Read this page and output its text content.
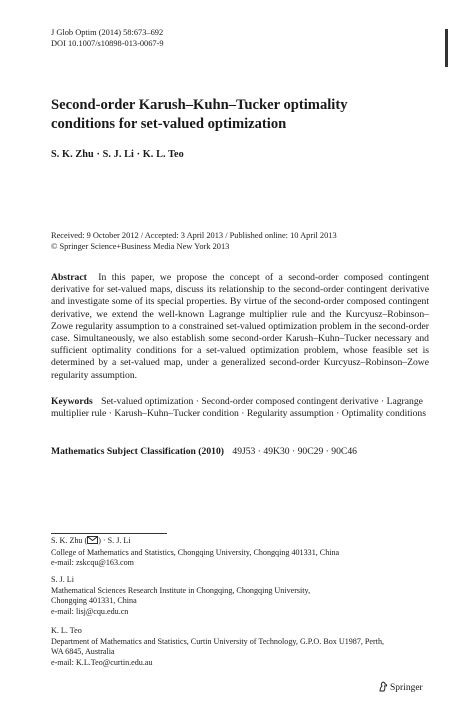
J Glob Optim (2014) 58:673–692
DOI 10.1007/s10898-013-0067-9
Second-order Karush–Kuhn–Tucker optimality
conditions for set-valued optimization
S. K. Zhu · S. J. Li · K. L. Teo
Received: 9 October 2012 / Accepted: 3 April 2013 / Published online: 10 April 2013
© Springer Science+Business Media New York 2013
Abstract In this paper, we propose the concept of a second-order composed contingent derivative for set-valued maps, discuss its relationship to the second-order contingent derivative and investigate some of its special properties. By virtue of the second-order composed contingent derivative, we extend the well-known Lagrange multiplier rule and the Kurcyusz–Robinson–Zowe regularity assumption to a constrained set-valued optimization problem in the second-order case. Simultaneously, we also establish some second-order Karush–Kuhn–Tucker necessary and sufficient optimality conditions for a set-valued optimization problem, whose feasible set is determined by a set-valued map, under a generalized second-order Kurcyusz–Robinson–Zowe regularity assumption.
Keywords Set-valued optimization · Second-order composed contingent derivative · Lagrange multiplier rule · Karush–Kuhn–Tucker condition · Regularity assumption · Optimality conditions
Mathematics Subject Classification (2010) 49J53 · 49K30 · 90C29 · 90C46
S. K. Zhu ( ) · S. J. Li
College of Mathematics and Statistics, Chongqing University, Chongqing 401331, China
e-mail: zskcqu@163.com
S. J. Li
Mathematical Sciences Research Institute in Chongqing, Chongqing University,
Chongqing 401331, China
e-mail: lisj@cqu.edu.cn
K. L. Teo
Department of Mathematics and Statistics, Curtin University of Technology, G.P.O. Box U1987, Perth,
WA 6845, Australia
e-mail: K.L.Teo@curtin.edu.au
Springer
